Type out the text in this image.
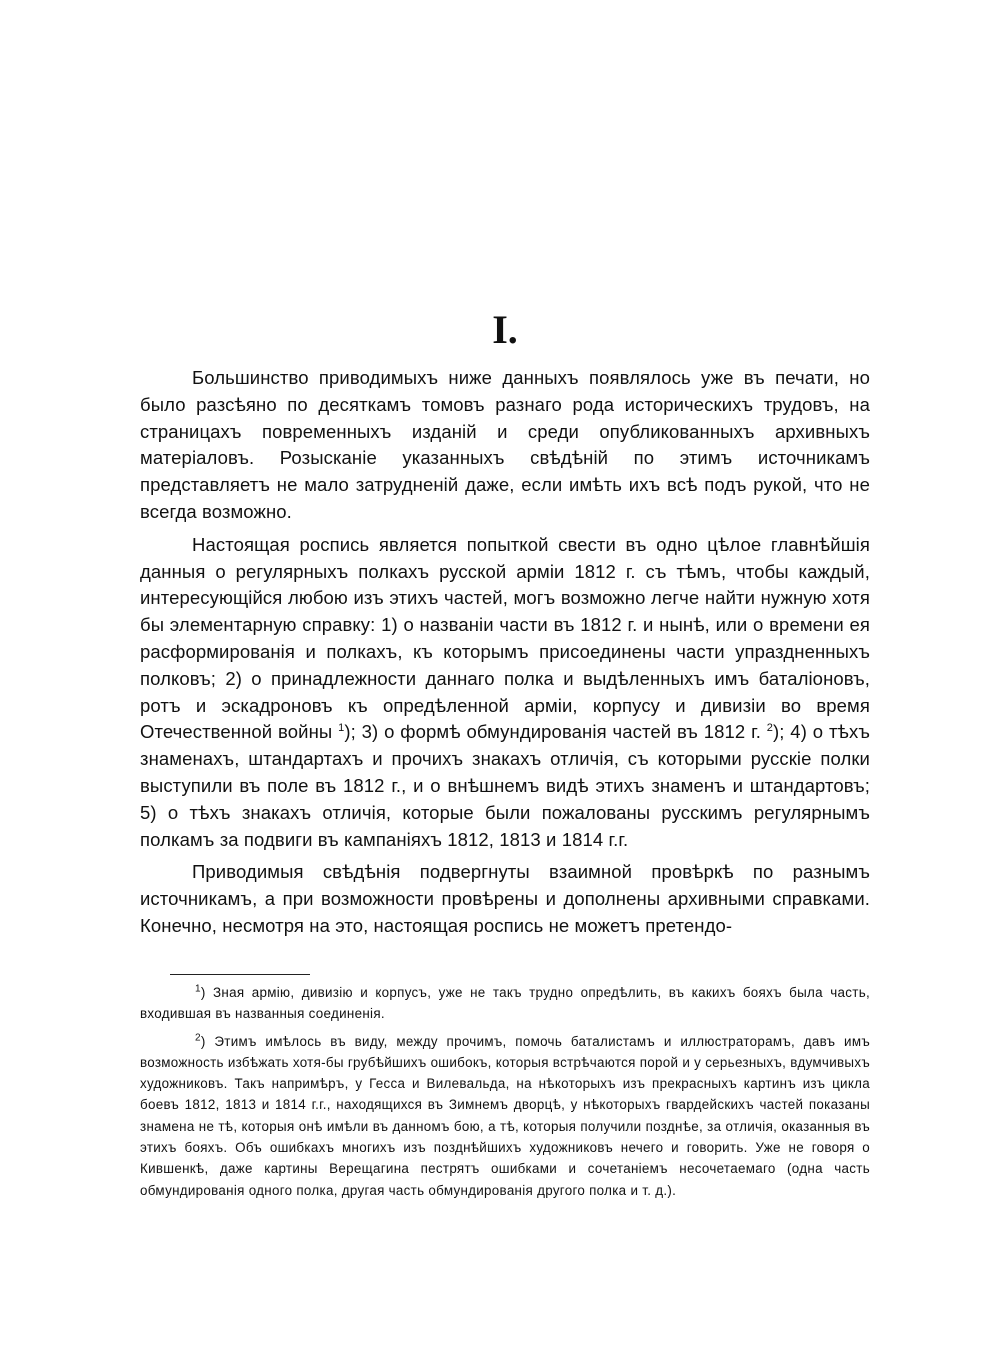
I.

Большинство приводимыхъ ниже данныхъ появлялось уже въ печати, но было разсѣяно по десяткамъ томовъ разнаго рода историческихъ трудовъ, на страницахъ повременныхъ изданій и среди опубликованныхъ архивныхъ матеріаловъ. Розысканіе указанныхъ свѣдѣній по этимъ источникамъ представляетъ не мало затрудненій даже, если имѣть ихъ всѣ подъ рукой, что не всегда возможно.

Настоящая роспись является попыткой свести въ одно цѣлое главнѣйшія данныя о регулярныхъ полкахъ русской арміи 1812 г. съ тѣмъ, чтобы каждый, интересующійся любою изъ этихъ частей, могъ возможно легче найти нужную хотя бы элементарную справку: 1) о названіи части въ 1812 г. и нынѣ, или о времени ея расформированія и полкахъ, къ которымъ присоединены части упраздненныхъ полковъ; 2) о принадлежности даннаго полка и выдѣленныхъ имъ баталіоновъ, ротъ и эскадроновъ къ опредѣленной арміи, корпусу и дивизіи во время Отечественной войны $^1$); 3) о формѣ обмундированія частей въ 1812 г. $^2$); 4) о тѣхъ знаменахъ, штандартахъ и прочихъ знакахъ отличія, съ которыми русскіе полки выступили въ поле въ 1812 г., и о внѣшнемъ видѣ этихъ знаменъ и штандартовъ; 5) о тѣхъ знакахъ отличія, которые были пожалованы русскимъ регулярнымъ полкамъ за подвиги въ кампаніяхъ 1812, 1813 и 1814 г.г.

Приводимыя свѣдѣнія подвергнуты взаимной провѣркѣ по разнымъ источникамъ, а при возможности провѣрены и дополнены архивными справками. Конечно, несмотря на это, настоящая роспись не можетъ претендо-

$^1$) Зная армію, дивизію и корпусъ, уже не такъ трудно опредѣлить, въ какихъ бояхъ была часть, входившая въ названныя соединенія.

$^2$) Этимъ имѣлось въ виду, между прочимъ, помочь баталистамъ и иллюстраторамъ, давъ имъ возможность избѣжать хотя-бы грубѣйшихъ ошибокъ, которыя встрѣчаются порой и у серьезныхъ, вдумчивыхъ художниковъ. Такъ напримѣръ, у Гесса и Вилевальда, на нѣкоторыхъ изъ прекрасныхъ картинъ изъ цикла боевъ 1812, 1813 и 1814 г.г., находящихся въ Зимнемъ дворцѣ, у нѣкоторыхъ гвардейскихъ частей показаны знамена не тѣ, которыя онѣ имѣли въ данномъ бою, а тѣ, которыя получили позднѣе, за отличія, оказанныя въ этихъ бояхъ. Объ ошибкахъ многихъ изъ позднѣйшихъ художниковъ нечего и говорить. Уже не говоря о Кившенкѣ, даже картины Верещагина пестрятъ ошибками и сочетаніемъ несочетаемаго (одна часть обмундированія одного полка, другая часть обмундированія другого полка и т. д.).
